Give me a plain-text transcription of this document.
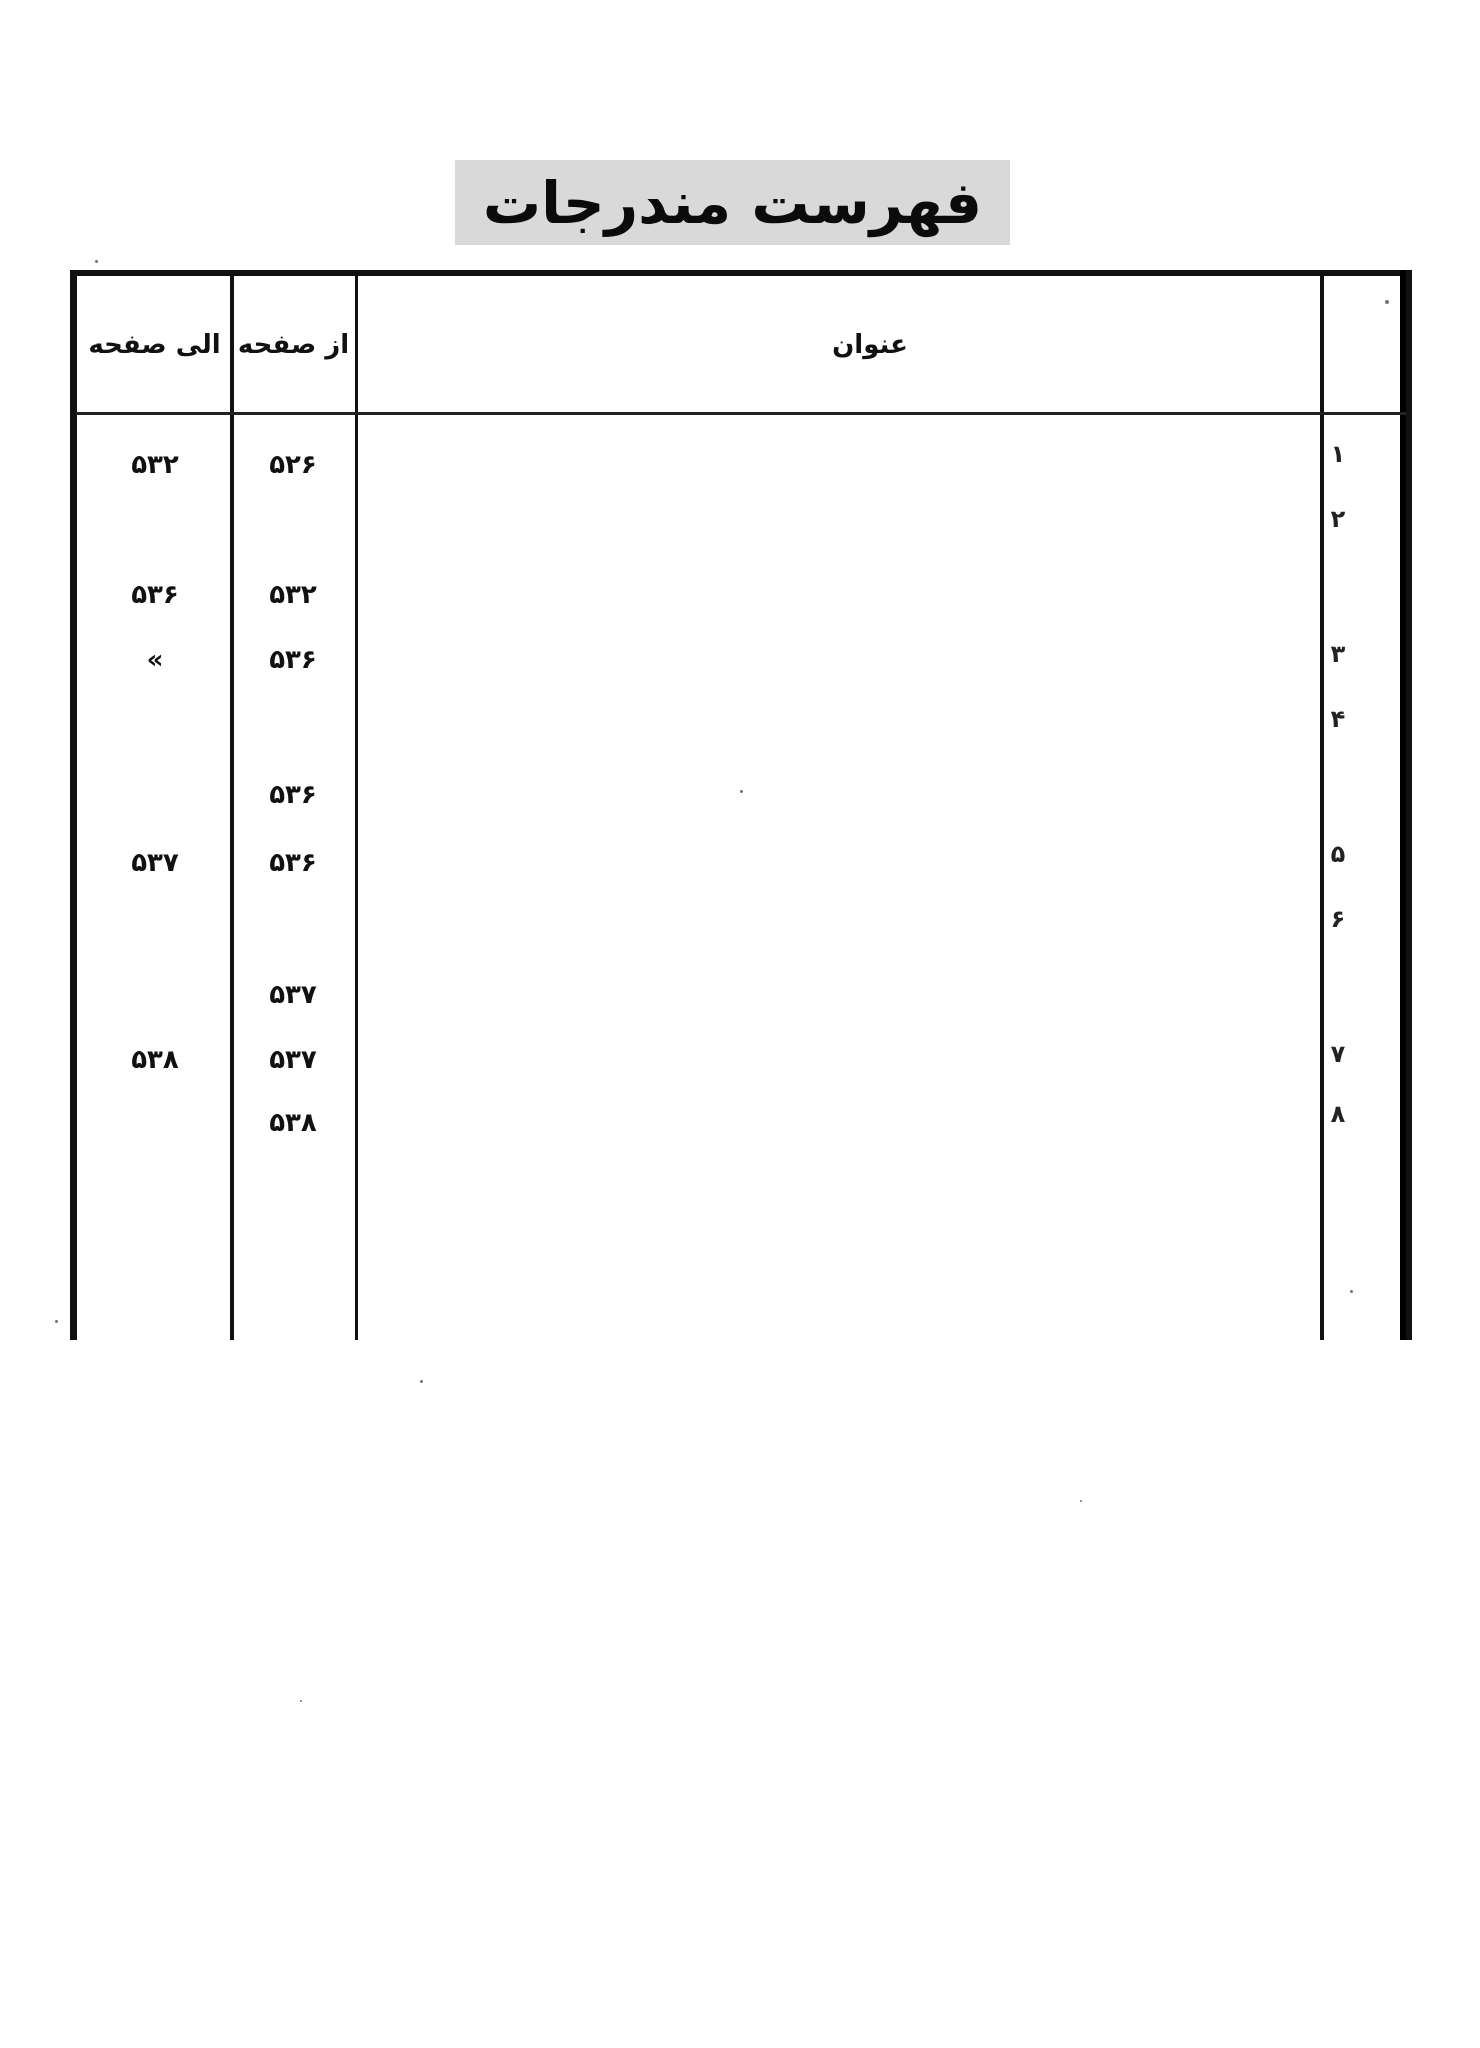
فهرست مندرجات
عنوان
از صفحه
الی صفحه
۱
۵۲۶
۵۳۲
۲
۵۳۲
۵۳۶
۳
۵۳۶
»
۴
۵۳۶
۵
۵۳۶
۵۳۷
۶
۵۳۷
۷
۵۳۷
۵۳۸
۸
۵۳۸
